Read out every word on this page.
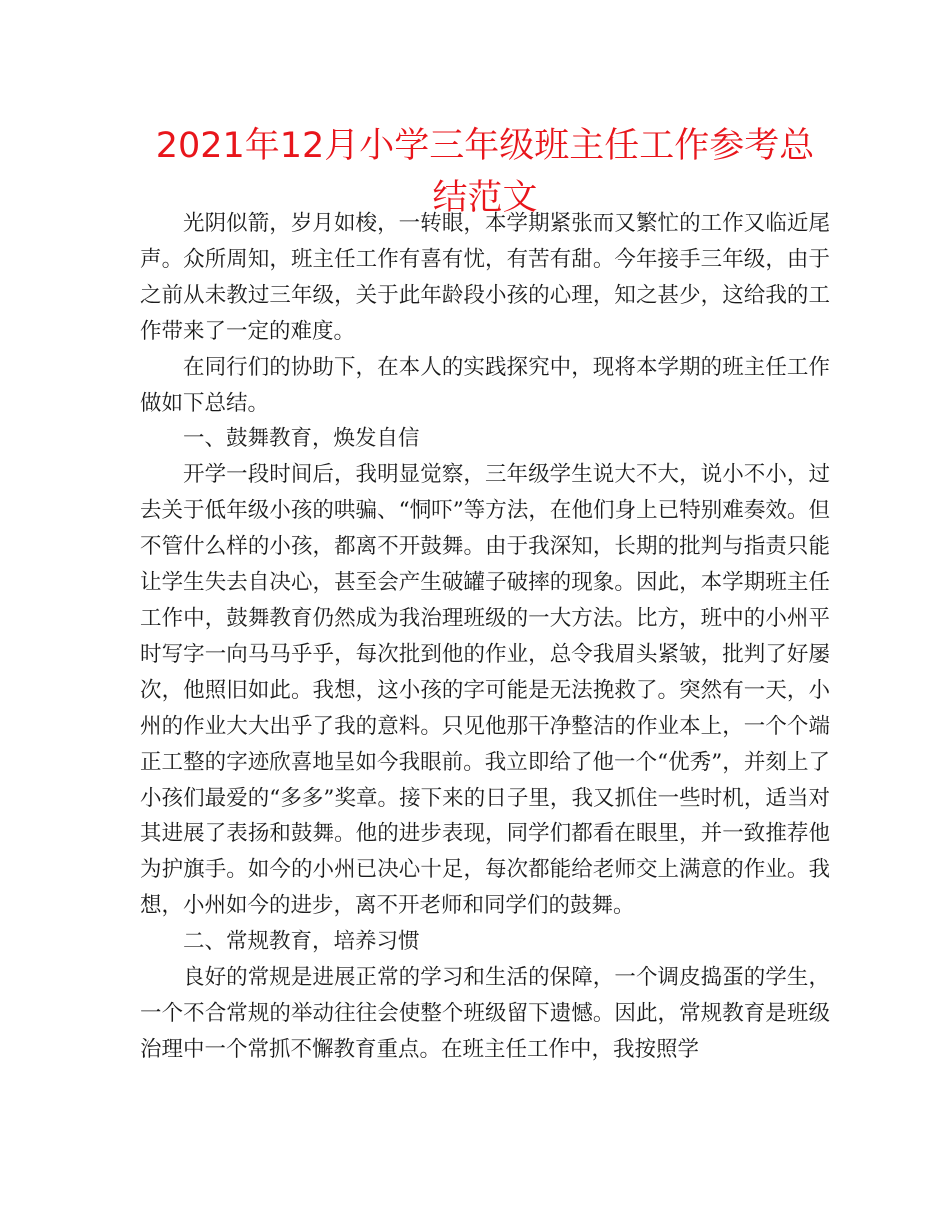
2021年12月小学三年级班主任工作参考总结范文

光阴似箭，岁月如梭，一转眼，本学期紧张而又繁忙的工作又临近尾声。众所周知，班主任工作有喜有忧，有苦有甜。今年接手三年级，由于之前从未教过三年级，关于此年龄段小孩的心理，知之甚少，这给我的工作带来了一定的难度。

在同行们的协助下，在本人的实践探究中，现将本学期的班主任工作做如下总结。

一、鼓舞教育，焕发自信

开学一段时间后，我明显觉察，三年级学生说大不大，说小不小，过去关于低年级小孩的哄骗、“恫吓”等方法，在他们身上已特别难奏效。但不管什么样的小孩，都离不开鼓舞。由于我深知，长期的批判与指责只能让学生失去自决心，甚至会产生破罐子破摔的现象。因此，本学期班主任工作中，鼓舞教育仍然成为我治理班级的一大方法。比方，班中的小州平时写字一向马马乎乎，每次批到他的作业，总令我眉头紧皱，批判了好屡次，他照旧如此。我想，这小孩的字可能是无法挽救了。突然有一天，小州的作业大大出乎了我的意料。只见他那干净整洁的作业本上，一个个端正工整的字迹欣喜地呈如今我眼前。我立即给了他一个“优秀”，并刻上了小孩们最爱的“多多”奖章。接下来的日子里，我又抓住一些时机，适当对其进展了表扬和鼓舞。他的进步表现，同学们都看在眼里，并一致推荐他为护旗手。如今的小州已决心十足，每次都能给老师交上满意的作业。我想，小州如今的进步，离不开老师和同学们的鼓舞。

二、常规教育，培养习惯

良好的常规是进展正常的学习和生活的保障，一个调皮捣蛋的学生，一个不合常规的举动往往会使整个班级留下遗憾。因此，常规教育是班级治理中一个常抓不懈教育重点。在班主任工作中，我按照学
